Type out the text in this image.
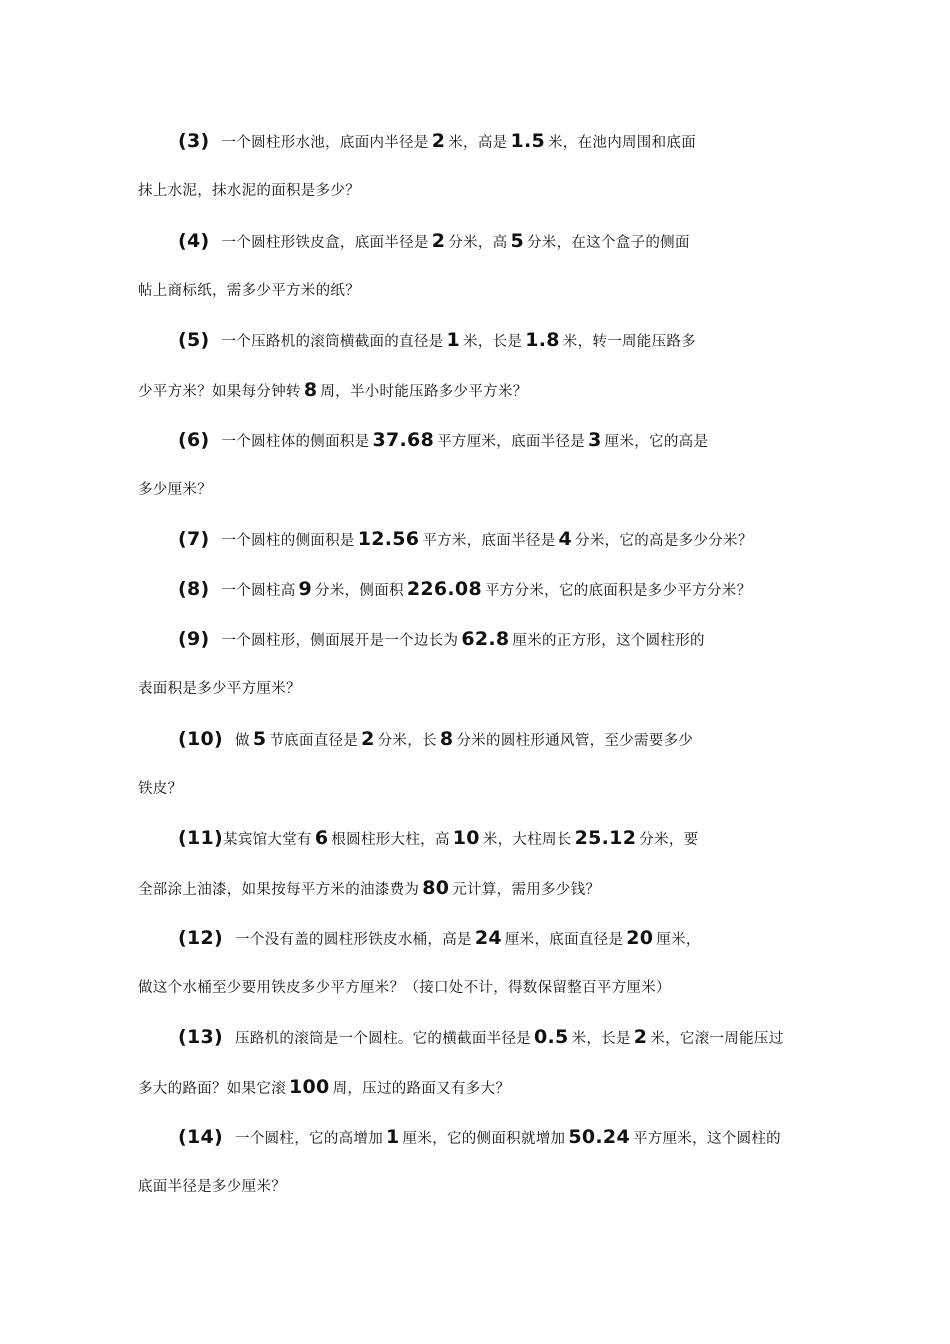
(3) 一个圆柱形水池，底面内半径是 2 米，高是 1.5 米，在池内周围和底面
抹上水泥，抹水泥的面积是多少？
(4) 一个圆柱形铁皮盒，底面半径是 2 分米，高 5 分米，在这个盒子的侧面
帖上商标纸，需多少平方米的纸？
(5) 一个压路机的滚筒横截面的直径是 1 米，长是 1.8 米，转一周能压路多
少平方米？如果每分钟转 8 周，半小时能压路多少平方米？
(6) 一个圆柱体的侧面积是 37.68 平方厘米，底面半径是 3 厘米，它的高是
多少厘米？
(7) 一个圆柱的侧面积是 12.56 平方米，底面半径是 4 分米，它的高是多少分米？
(8) 一个圆柱高 9 分米，侧面积 226.08 平方分米，它的底面积是多少平方分米？
(9) 一个圆柱形，侧面展开是一个边长为 62.8 厘米的正方形，这个圆柱形的
表面积是多少平方厘米？
(10) 做 5 节底面直径是 2 分米，长 8 分米的圆柱形通风管，至少需要多少
铁皮？
(11)某宾馆大堂有 6 根圆柱形大柱，高 10 米，大柱周长 25.12 分米，要
全部涂上油漆，如果按每平方米的油漆费为 80 元计算，需用多少钱？
(12) 一个没有盖的圆柱形铁皮水桶，高是 24 厘米，底面直径是 20 厘米，
做这个水桶至少要用铁皮多少平方厘米？（接口处不计，得数保留整百平方厘米）
(13) 压路机的滚筒是一个圆柱。它的横截面半径是 0.5 米，长是 2 米，它滚一周能压过
多大的路面？如果它滚 100 周，压过的路面又有多大？
(14) 一个圆柱，它的高增加 1 厘米，它的侧面积就增加 50.24 平方厘米，这个圆柱的
底面半径是多少厘米？
